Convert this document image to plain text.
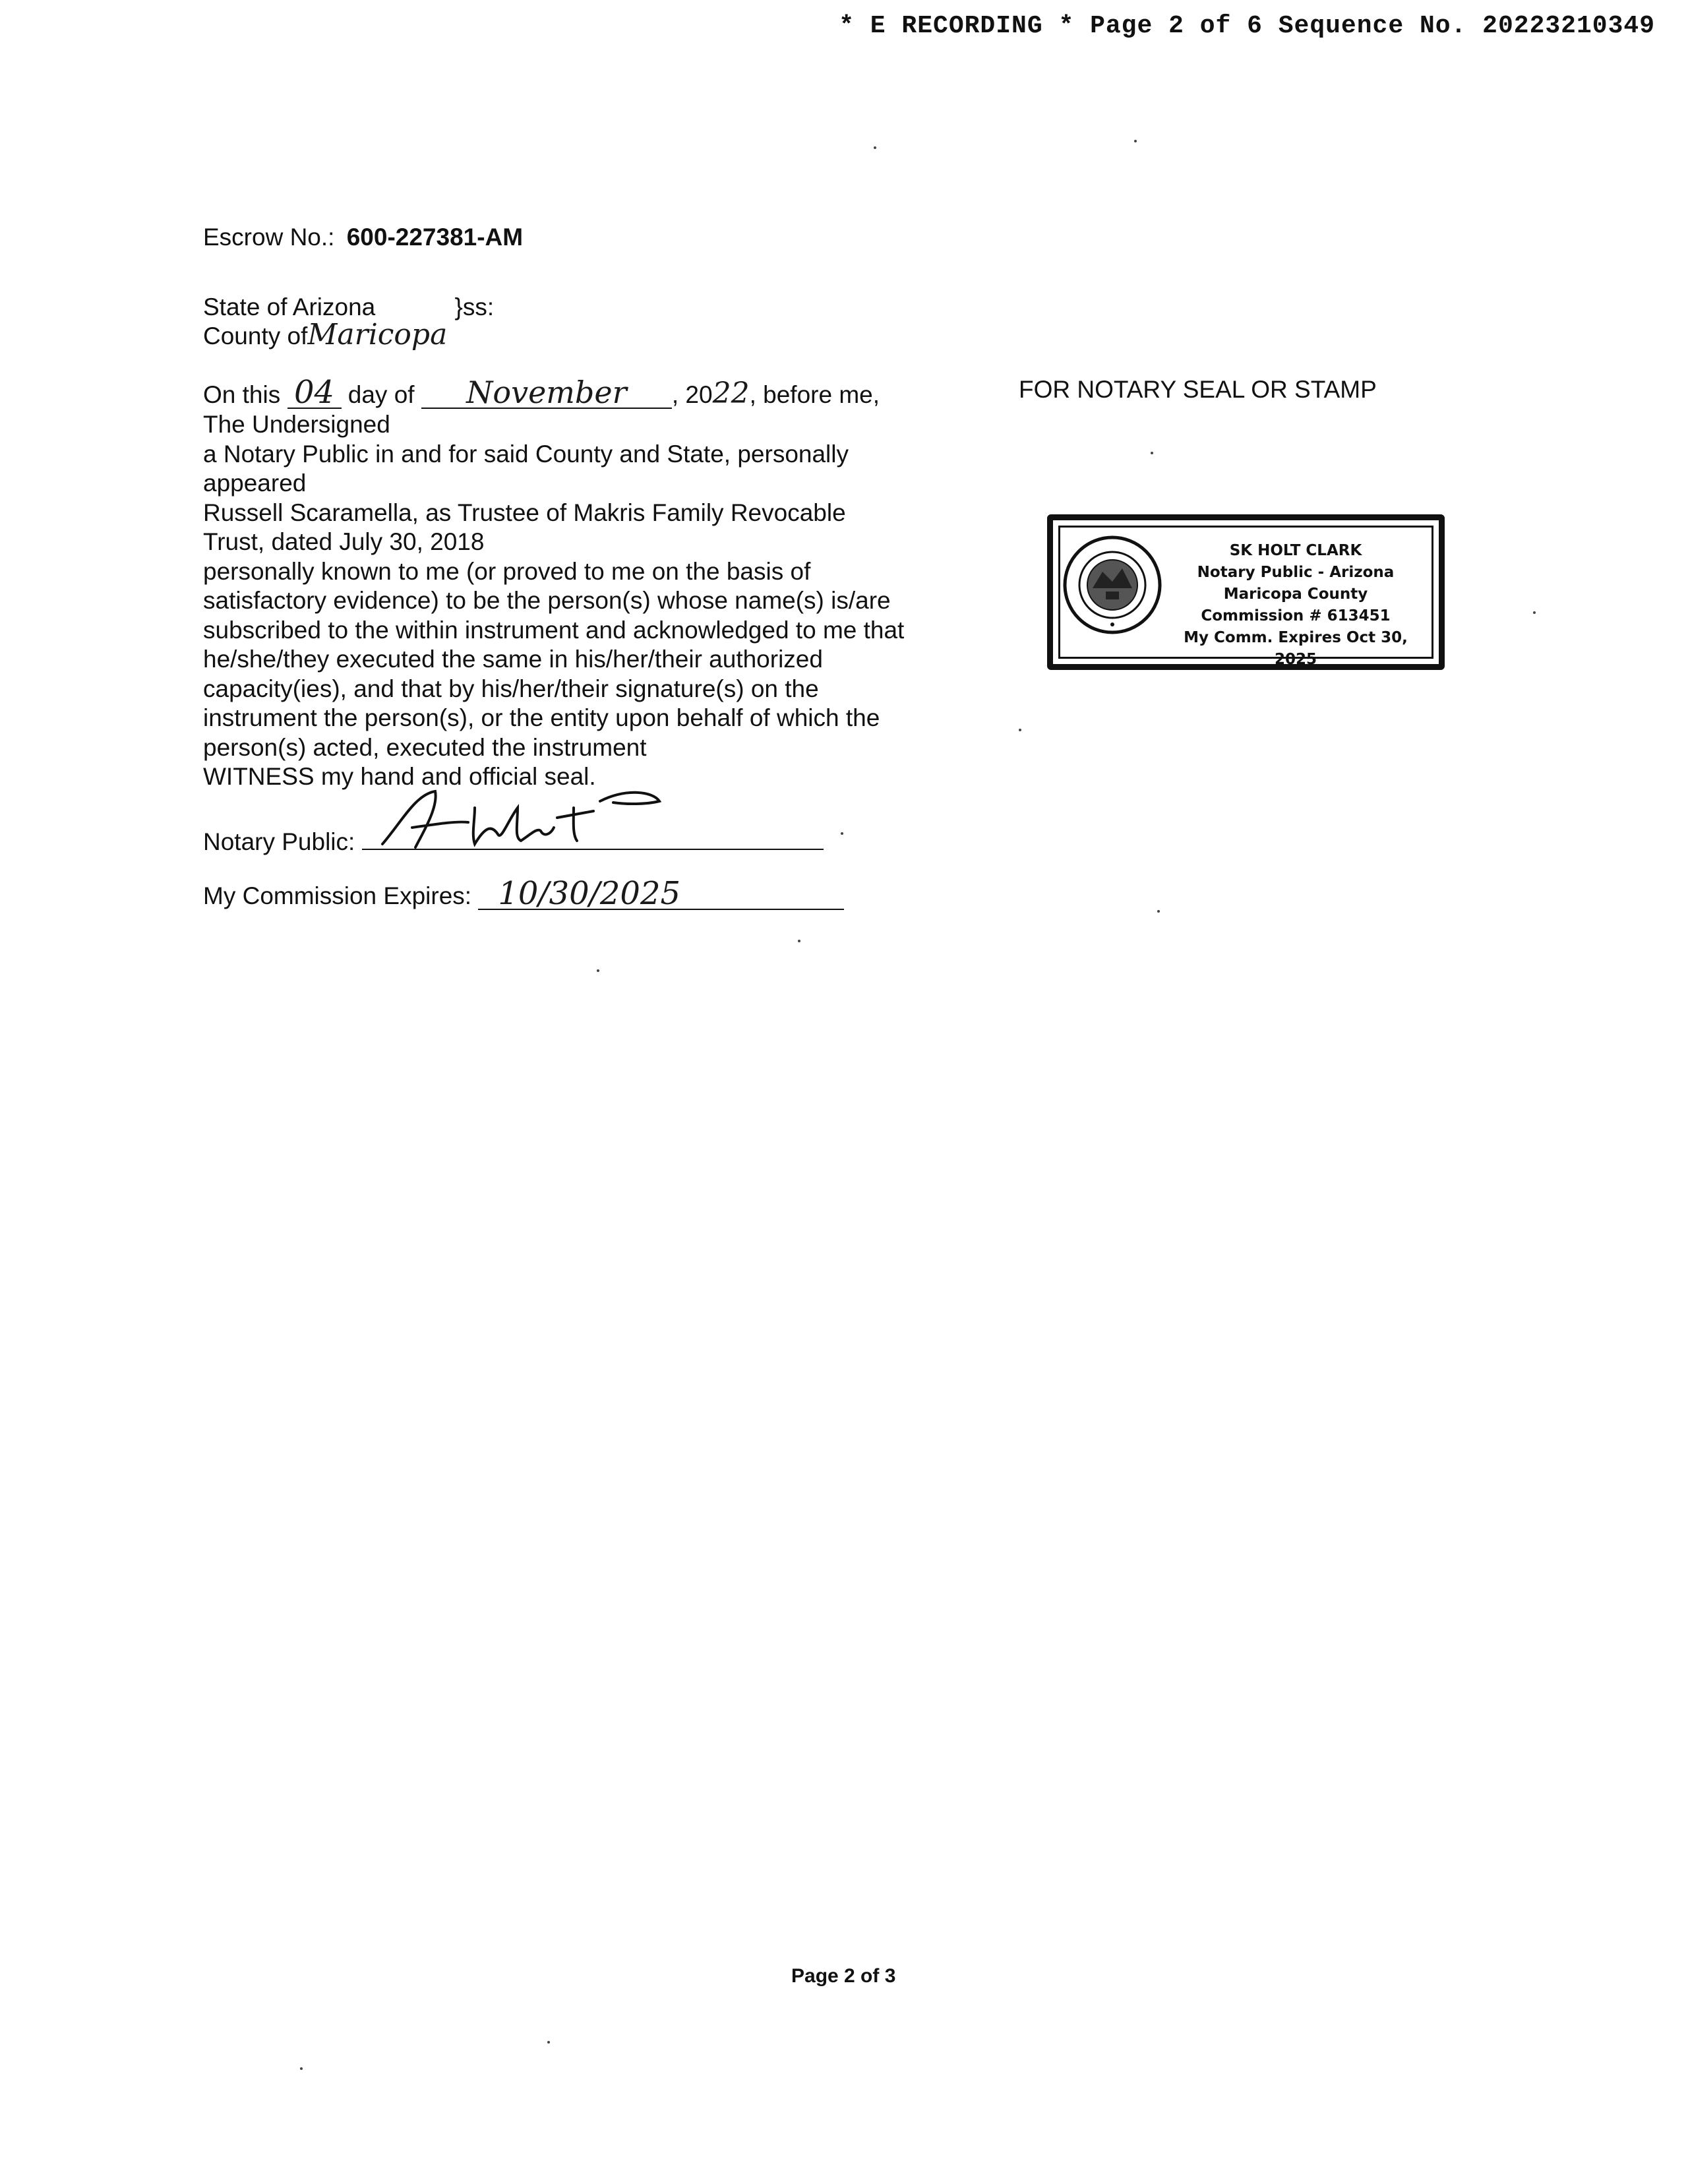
* E RECORDING * Page 2 of 6 Sequence No. 20223210349
Escrow No.: 600-227381-AM
State of Arizona	}ss:
County ofMaricopa
On this 04 day of November , 2022, before me,
The Undersigned
a Notary Public in and for said County and State, personally
appeared
Russell Scaramella, as Trustee of Makris Family Revocable
Trust, dated July 30, 2018
personally known to me (or proved to me on the basis of
satisfactory evidence) to be the person(s) whose name(s) is/are
subscribed to the within instrument and acknowledged to me that
he/she/they executed the same in his/her/their authorized
capacity(ies), and that by his/her/their signature(s) on the
instrument the person(s), or the entity upon behalf of which the
person(s) acted, executed the instrument
WITNESS my hand and official seal.
Notary Public:
My Commission Expires: 10/30/2025
FOR NOTARY SEAL OR STAMP
SK HOLT CLARK
Notary Public - Arizona
Maricopa County
Commission # 613451
My Comm. Expires Oct 30, 2025
Page 2 of 3
